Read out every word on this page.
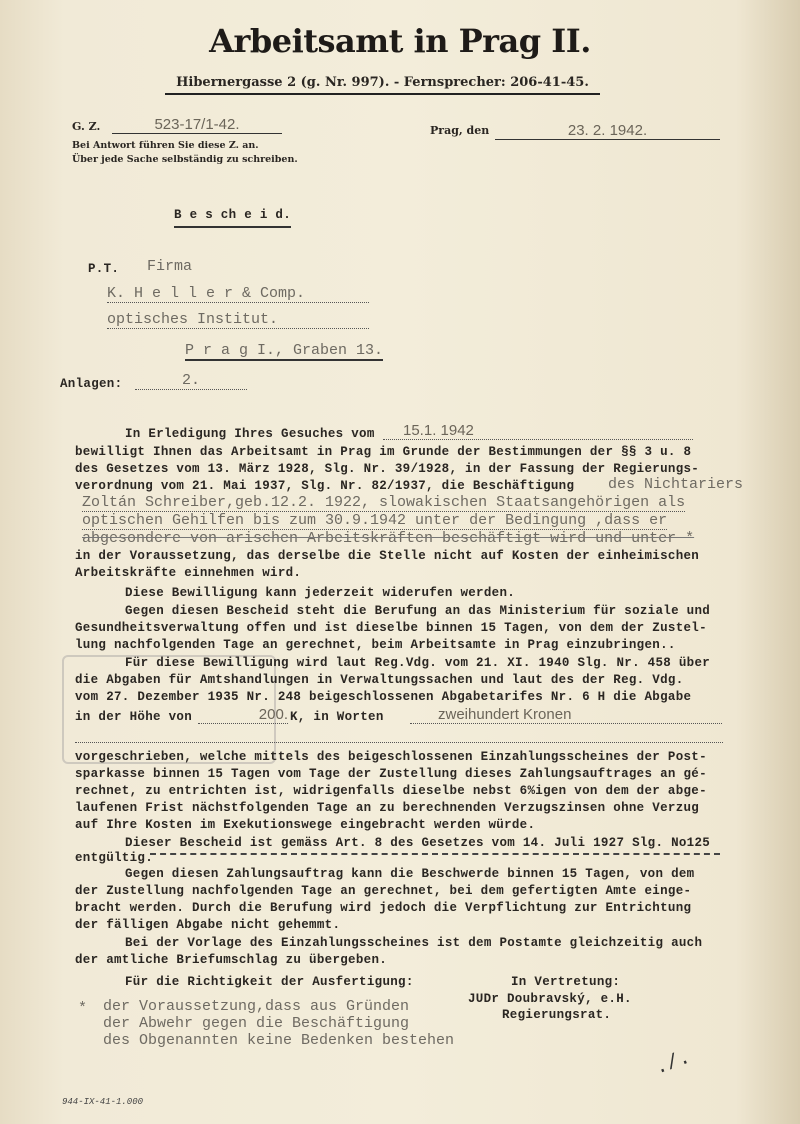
Arbeitsamt in Prag II.
Hibernergasse 2 (g. Nr. 997). - Fernsprecher: 206-41-45.
G. Z.	523-17/1-42.
Bei Antwort führen Sie diese Z. an.
Über jede Sache selbständig zu schreiben.
Prag, den	23. 2. 1942.
B e s ch e i d.
P.T. Firma
K. H e l l e r & Comp.
optisches Institut.
P r a g I., Graben 13.
Anlagen:	2.
In Erledigung Ihres Gesuches vom	15.1. 1942
bewilligt Ihnen das Arbeitsamt in Prag im Grunde der Bestimmungen der §§ 3 u. 8
des Gesetzes vom 13. März 1928, Slg. Nr. 39/1928, in der Fassung der Regierungs-
verordnung vom 21. Mai 1937, Slg. Nr. 82/1937, die Beschäftigung des Nichtariers
Zoltán Schreiber,geb.12.2. 1922, slowakischen Staatsangehörigen als
optischen Gehilfen bis zum 30.9.1942 unter der Bedingung ,dass er
abgesondere von arischen Arbeitskräften beschäftigt wird und unter *
in der Voraussetzung, das derselbe die Stelle nicht auf Kosten der einheimischen
Arbeitskräfte einnehmen wird.
Diese Bewilligung kann jederzeit widerufen werden.
Gegen diesen Bescheid steht die Berufung an das Ministerium für soziale und
Gesundheitsverwaltung offen und ist dieselbe binnen 15 Tagen, von dem der Zustel-
lung nachfolgenden Tage an gerechnet, beim Arbeitsamte in Prag einzubringen..
Für diese Bewilligung wird laut Reg.Vdg. vom 21. XI. 1940 Slg. Nr. 458 über
die Abgaben für Amtshandlungen in Verwaltungssachen und laut des der Reg. Vdg.
vom 27. Dezember 1935 Nr. 248 beigeschlossenen Abgabetarifes Nr. 6 H die Abgabe
in der Höhe von	200. K, in Worten	zweihundert Kronen
vorgeschrieben, welche mittels des beigeschlossenen Einzahlungsscheines der Post-
sparkasse binnen 15 Tagen vom Tage der Zustellung dieses Zahlungsauftrages an gé-
rechnet, zu entrichten ist, widrigenfalls dieselbe nebst 6%igen von dem der abge-
laufenen Frist nächstfolgenden Tage an zu berechnenden Verzugszinsen ohne Verzug
auf Ihre Kosten im Exekutionswege eingebracht werden würde.
Dieser Bescheid ist gemäss Art. 8 des Gesetzes vom 14. Juli 1927 Slg. No125
entgültig.
Gegen diesen Zahlungsauftrag kann die Beschwerde binnen 15 Tagen, von dem
der Zustellung nachfolgenden Tage an gerechnet, bei dem gefertigten Amte einge-
bracht werden. Durch die Berufung wird jedoch die Verpflichtung zur Entrichtung
der fälligen Abgabe nicht gehemmt.
Bei der Vorlage des Einzahlungsscheines ist dem Postamte gleichzeitig auch
der amtliche Briefumschlag zu übergeben.
Für die Richtigkeit der Ausfertigung:	In Vertretung:
JUDr Doubravský, e.H.
Regierungsrat.
* der Voraussetzung,dass aus Gründen
der Abwehr gegen die Beschäftigung
des Obgenannten keine Bedenken bestehen
./.
944-IX-41-1.000
